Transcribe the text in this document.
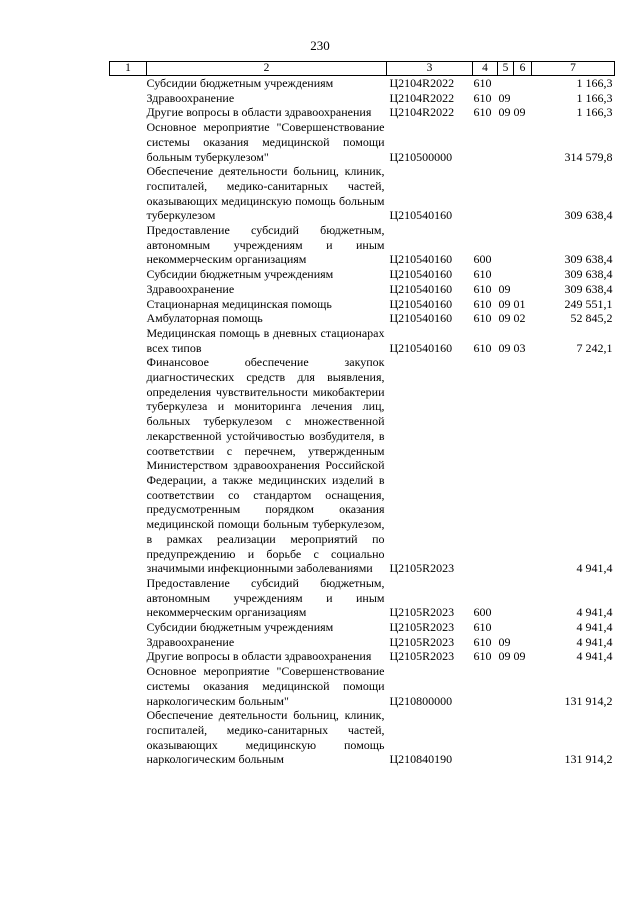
230
1	2	3	4	5	6	7

	Субсидии бюджетным учреждениям	Ц2104R2022	610			1 166,3

	Здравоохранение	Ц2104R2022	610	09		1 166,3

	Другие вопросы в области здравоохранения	Ц2104R2022	610	09	09	1 166,3

	Основное мероприятие "Совершенствование системы оказания медицинской помощи больным туберкулезом"	Ц210500000				314 579,8

	Обеспечение деятельности больниц, клиник, госпиталей, медико-санитарных частей, оказывающих медицинскую помощь больным туберкулезом	Ц210540160				309 638,4

	Предоставление субсидий бюджетным, автономным учреждениям и иным некоммерческим организациям	Ц210540160	600			309 638,4

	Субсидии бюджетным учреждениям	Ц210540160	610			309 638,4

	Здравоохранение	Ц210540160	610	09		309 638,4

	Стационарная медицинская помощь	Ц210540160	610	09	01	249 551,1

	Амбулаторная помощь	Ц210540160	610	09	02	52 845,2

	Медицинская помощь в дневных стационарах всех типов	Ц210540160	610	09	03	7 242,1

	Финансовое обеспечение закупок диагностических средств для выявления, определения чувствительности микобактерии туберкулеза и мониторинга лечения лиц, больных туберкулезом с множественной лекарственной устойчивостью возбудителя, в соответствии с перечнем, утвержденным Министерством здравоохранения Российской Федерации, а также медицинских изделий в соответствии со стандартом оснащения, предусмотренным порядком оказания медицинской помощи больным туберкулезом, в рамках реализации мероприятий по предупреждению и борьбе с социально значимыми инфекционными заболеваниями	Ц2105R2023				4 941,4

	Предоставление субсидий бюджетным, автономным учреждениям и иным некоммерческим организациям	Ц2105R2023	600			4 941,4

	Субсидии бюджетным учреждениям	Ц2105R2023	610			4 941,4

	Здравоохранение	Ц2105R2023	610	09		4 941,4

	Другие вопросы в области здравоохранения	Ц2105R2023	610	09	09	4 941,4

	Основное мероприятие "Совершенствование системы оказания медицинской помощи наркологическим больным"	Ц210800000				131 914,2

	Обеспечение деятельности больниц, клиник, госпиталей, медико-санитарных частей, оказывающих медицинскую помощь наркологическим больным	Ц210840190				131 914,2
